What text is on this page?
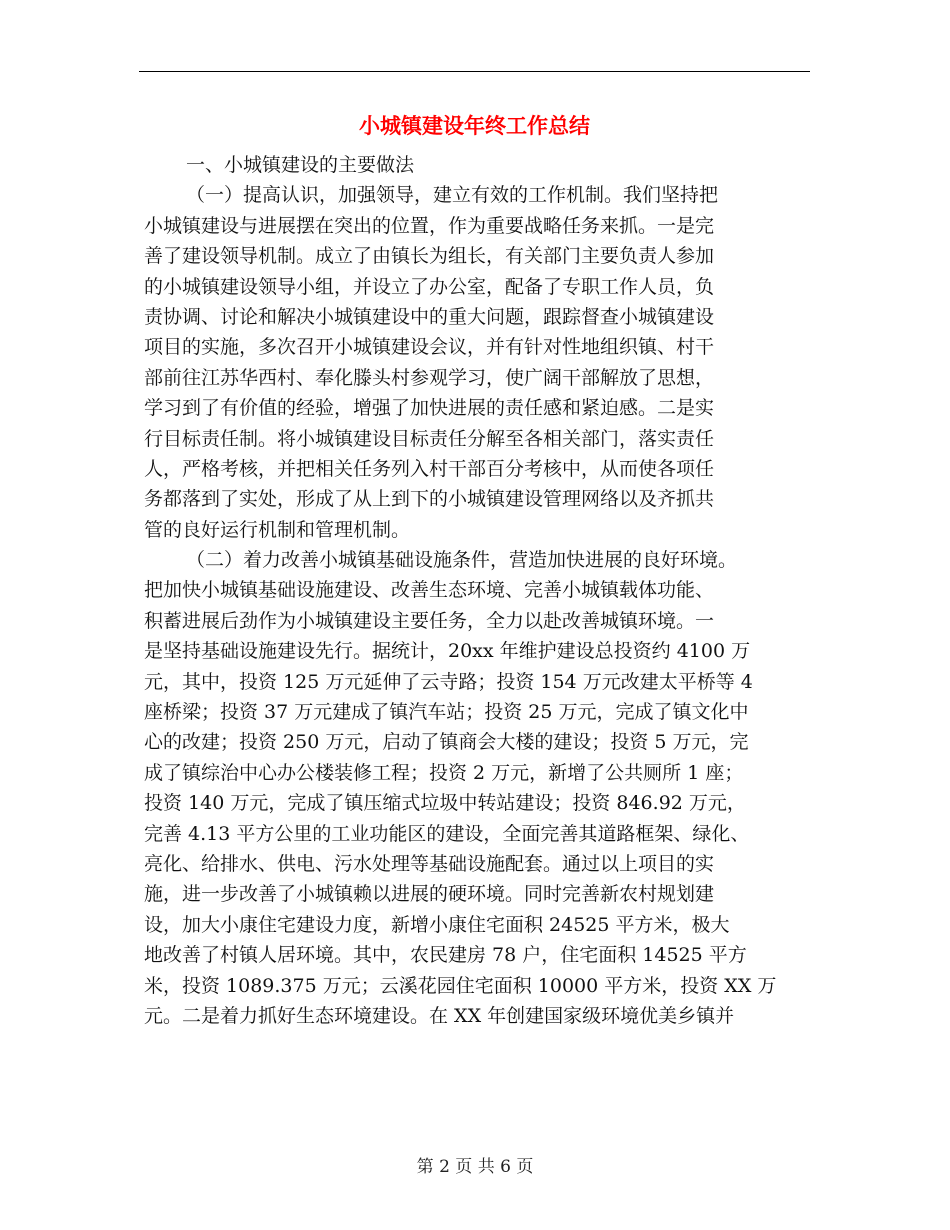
小城镇建设年终工作总结
一、小城镇建设的主要做法
（一）提高认识，加强领导，建立有效的工作机制。我们坚持把
小城镇建设与进展摆在突出的位置，作为重要战略任务来抓。一是完
善了建设领导机制。成立了由镇长为组长，有关部门主要负责人参加
的小城镇建设领导小组，并设立了办公室，配备了专职工作人员，负
责协调、讨论和解决小城镇建设中的重大问题，跟踪督查小城镇建设
项目的实施，多次召开小城镇建设会议，并有针对性地组织镇、村干
部前往江苏华西村、奉化滕头村参观学习，使广阔干部解放了思想，
学习到了有价值的经验，增强了加快进展的责任感和紧迫感。二是实
行目标责任制。将小城镇建设目标责任分解至各相关部门，落实责任
人，严格考核，并把相关任务列入村干部百分考核中，从而使各项任
务都落到了实处，形成了从上到下的小城镇建设管理网络以及齐抓共
管的良好运行机制和管理机制。
（二）着力改善小城镇基础设施条件，营造加快进展的良好环境。
把加快小城镇基础设施建设、改善生态环境、完善小城镇载体功能、
积蓄进展后劲作为小城镇建设主要任务，全力以赴改善城镇环境。一
是坚持基础设施建设先行。据统计，20xx 年维护建设总投资约 4100 万
元，其中，投资 125 万元延伸了云寺路；投资 154 万元改建太平桥等 4
座桥梁；投资 37 万元建成了镇汽车站；投资 25 万元，完成了镇文化中
心的改建；投资 250 万元，启动了镇商会大楼的建设；投资 5 万元，完
成了镇综治中心办公楼装修工程；投资 2 万元，新增了公共厕所 1 座；
投资 140 万元，完成了镇压缩式垃圾中转站建设；投资 846.92 万元，
完善 4.13 平方公里的工业功能区的建设，全面完善其道路框架、绿化、
亮化、给排水、供电、污水处理等基础设施配套。通过以上项目的实
施，进一步改善了小城镇赖以进展的硬环境。同时完善新农村规划建
设，加大小康住宅建设力度，新增小康住宅面积 24525 平方米，极大
地改善了村镇人居环境。其中，农民建房 78 户，住宅面积 14525 平方
米，投资 1089.375 万元；云溪花园住宅面积 10000 平方米，投资 XX 万
元。二是着力抓好生态环境建设。在 XX 年创建国家级环境优美乡镇并
第 2 页 共 6 页
